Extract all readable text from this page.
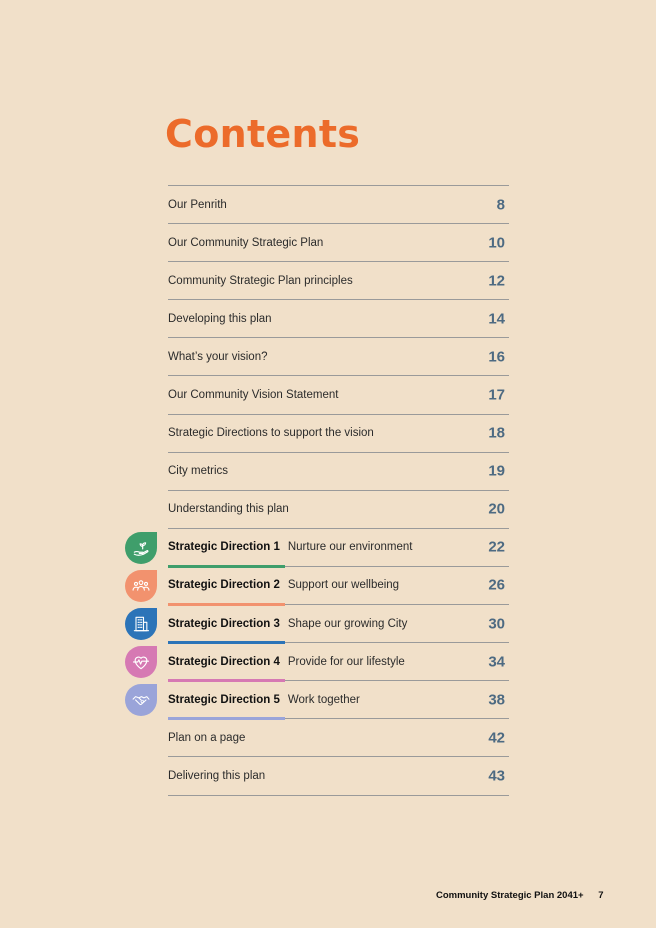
Contents
Our Penrith	8
Our Community Strategic Plan	10
Community Strategic Plan principles	12
Developing this plan	14
What’s your vision?	16
Our Community Vision Statement	17
Strategic Directions to support the vision	18
City metrics	19
Understanding this plan	20
Strategic Direction 1 Nurture our environment	22
Strategic Direction 2 Support our wellbeing	26
Strategic Direction 3 Shape our growing City	30
Strategic Direction 4 Provide for our lifestyle	34
Strategic Direction 5 Work together	38
Plan on a page	42
Delivering this plan	43
Community Strategic Plan 2041+ 7
